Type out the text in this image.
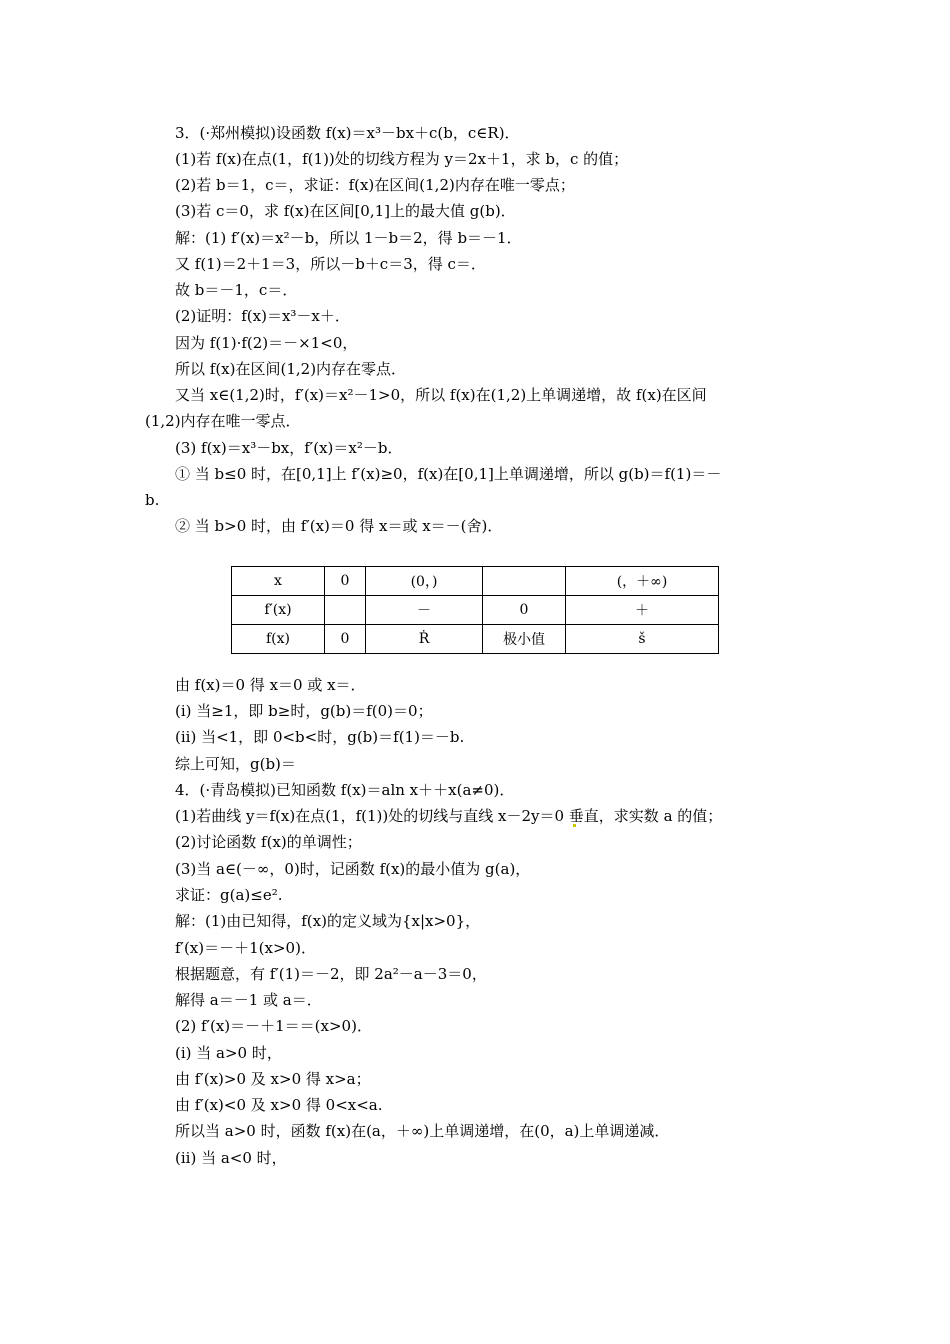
3．(·郑州模拟)设函数 f(x)＝x³－bx＋c(b，c∈R)．
(1)若 f(x)在点(1，f(1))处的切线方程为 y＝2x＋1，求 b，c 的值；
(2)若 b＝1，c＝，求证：f(x)在区间(1,2)内存在唯一零点；
(3)若 c＝0，求 f(x)在区间[0,1]上的最大值 g(b)．
解：(1) f′(x)＝x²－b，所以 1－b＝2，得 b＝－1．
又 f(1)＝2＋1＝3，所以－b＋c＝3，得 c＝．
故 b＝－1，c＝．
(2)证明：f(x)＝x³－x＋．
因为 f(1)·f(2)＝－×1<0，
所以 f(x)在区间(1,2)内存在零点．
又当 x∈(1,2)时，f′(x)＝x²－1>0，所以 f(x)在(1,2)上单调递增，故 f(x)在区间
(1,2)内存在唯一零点．
(3) f(x)＝x³－bx，f′(x)＝x²－b．
① 当 b≤0 时，在[0,1]上 f′(x)≥0，f(x)在[0,1]上单调递增，所以 g(b)＝f(1)＝－
b.
② 当 b>0 时，由 f′(x)＝0 得 x＝或 x＝－(舍)．
x	0	(0，)		(，＋∞)
f′(x)		－	0	＋
f(x)	0	Ṙ	极小值	š
由 f(x)＝0 得 x＝0 或 x＝．
(i) 当≥1，即 b≥时，g(b)＝f(0)＝0；
(ii) 当<1，即 0<b<时，g(b)＝f(1)＝－b.
综上可知，g(b)＝
4．(·青岛模拟)已知函数 f(x)＝aln x＋＋x(a≠0)．
(1)若曲线 y＝f(x)在点(1，f(1))处的切线与直线 x－2y＝0 垂直，求实数 a 的值；
(2)讨论函数 f(x)的单调性；
(3)当 a∈(－∞，0)时，记函数 f(x)的最小值为 g(a)，
求证：g(a)≤e².
解：(1)由已知得，f(x)的定义域为{x|x>0}，
f′(x)＝－＋1(x>0)．
根据题意，有 f′(1)＝－2，即 2a²－a－3＝0，
解得 a＝－1 或 a＝．
(2) f′(x)＝－＋1＝＝(x>0)．
(i) 当 a>0 时，
由 f′(x)>0 及 x>0 得 x>a；
由 f′(x)<0 及 x>0 得 0<x<a.
所以当 a>0 时，函数 f(x)在(a，＋∞)上单调递增，在(0，a)上单调递减．
(ii) 当 a<0 时，
